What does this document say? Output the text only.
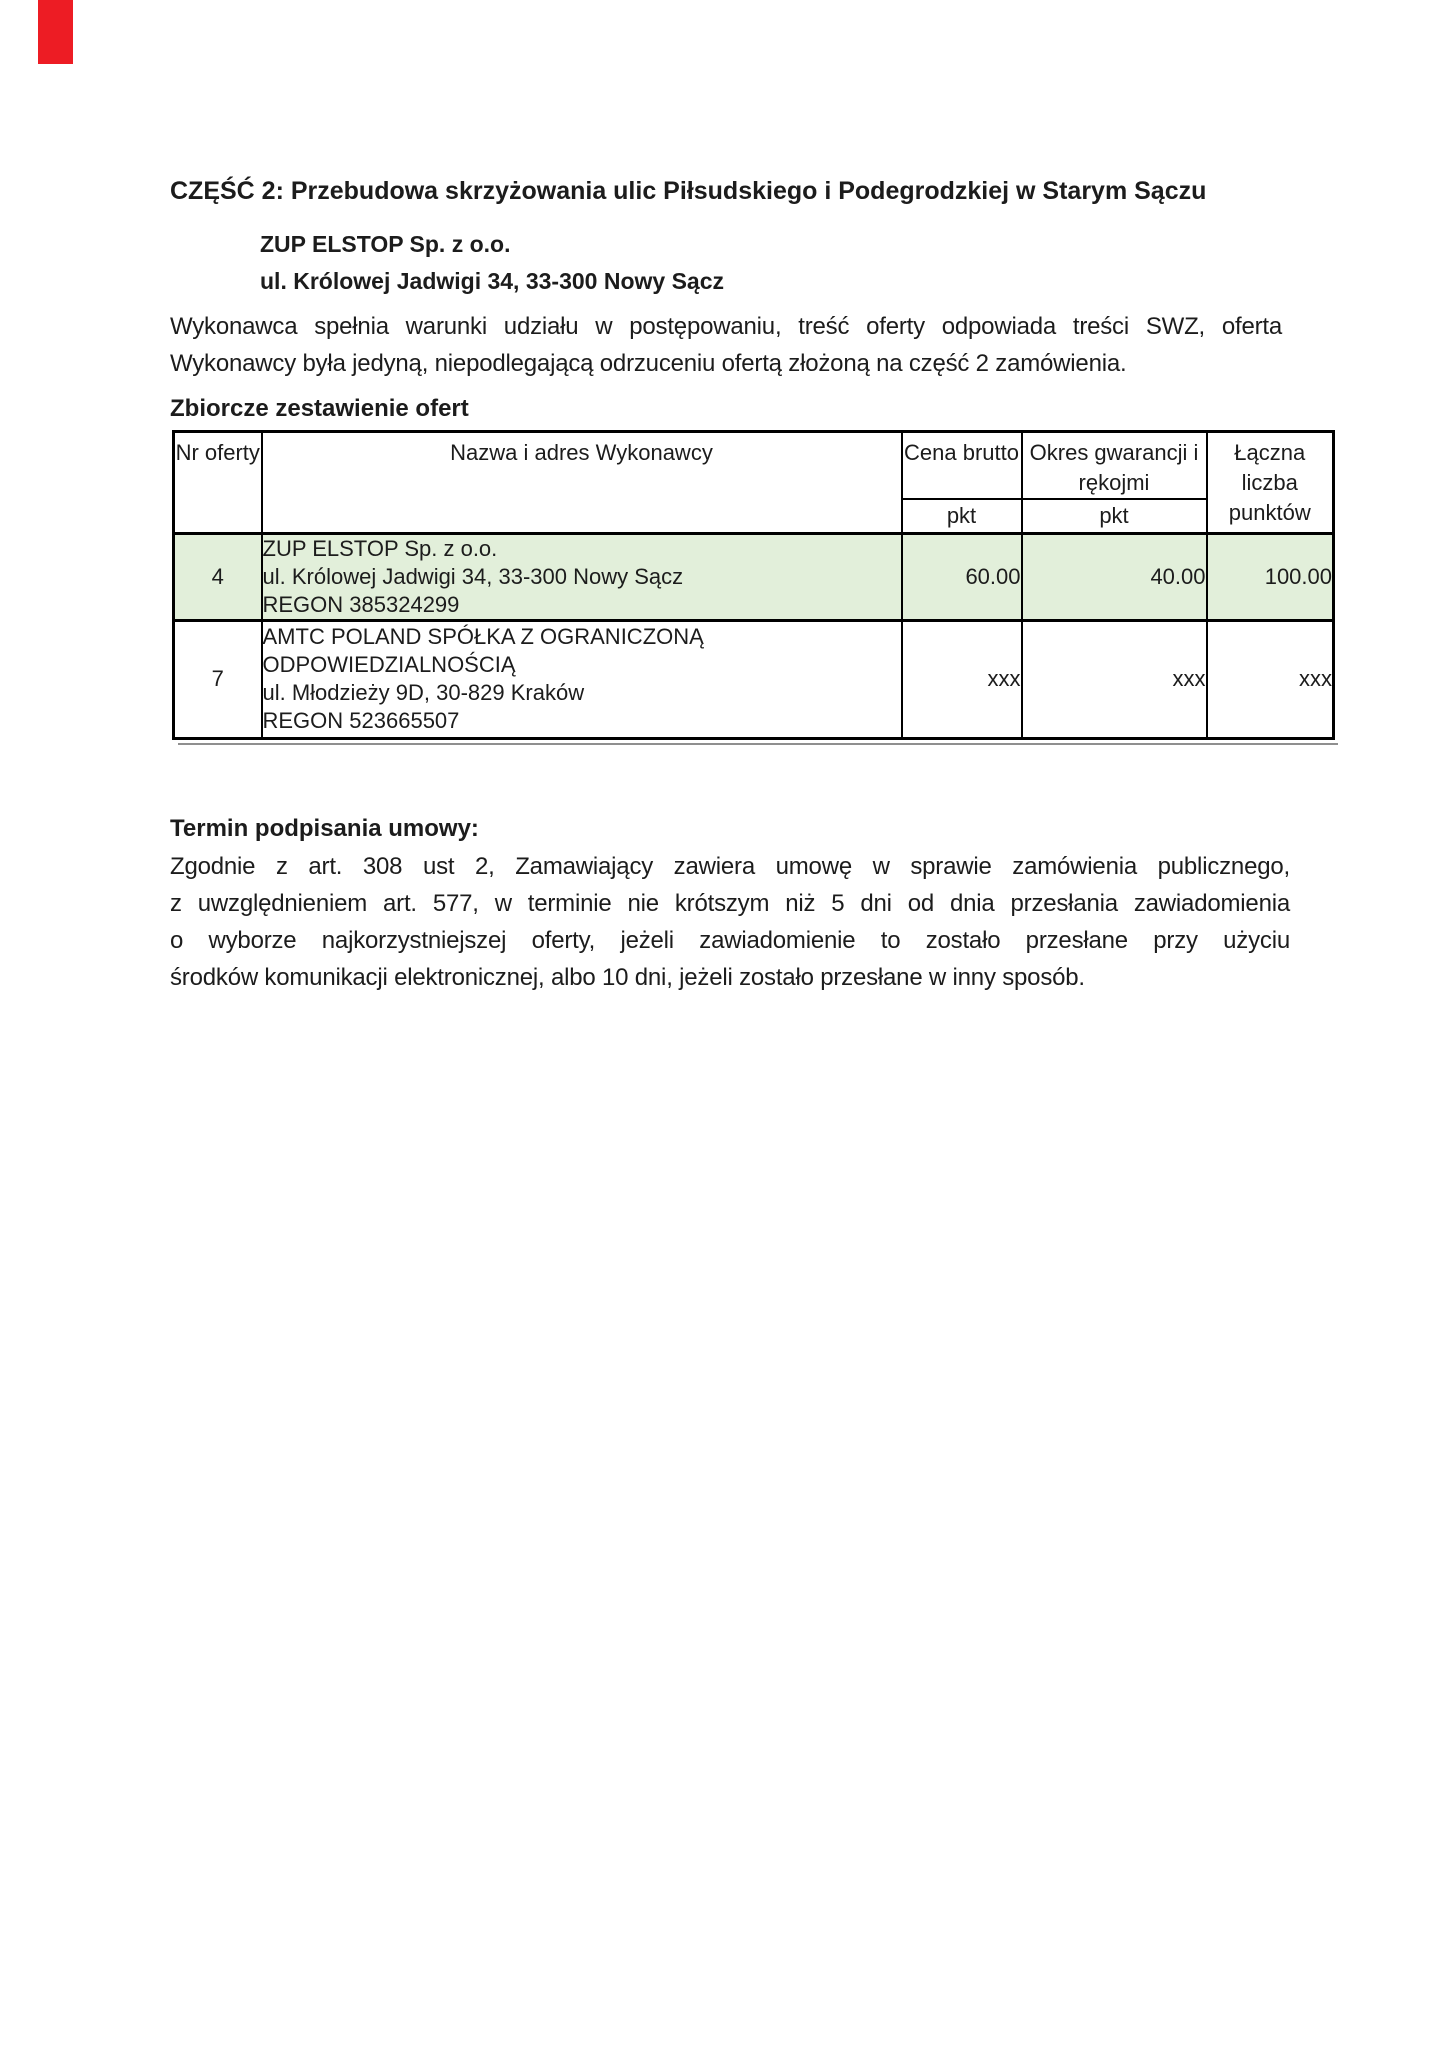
CZĘŚĆ 2: Przebudowa skrzyżowania ulic Piłsudskiego i Podegrodzkiej w Starym Sączu
ZUP ELSTOP Sp. z o.o.
ul. Królowej Jadwigi 34, 33-300 Nowy Sącz
Wykonawca spełnia warunki udziału w postępowaniu, treść oferty odpowiada treści SWZ, oferta
Wykonawcy była jedyną, niepodlegającą odrzuceniu ofertą złożoną na część 2 zamówienia.
Zbiorcze zestawienie ofert
Nr oferty	Nazwa i adres Wykonawcy	Cena brutto	Okres gwarancji i rękojmi	Łączna liczba punktów
		pkt	pkt	
4	ZUP ELSTOP Sp. z o.o.
ul. Królowej Jadwigi 34, 33-300 Nowy Sącz
REGON 385324299	60.00	40.00	100.00
7	AMTC POLAND SPÓŁKA Z OGRANICZONĄ
ODPOWIEDZIALNOŚCIĄ
ul. Młodzieży 9D, 30-829 Kraków
REGON 523665507	xxx	xxx	xxx
Termin podpisania umowy:
Zgodnie z art. 308 ust 2, Zamawiający zawiera umowę w sprawie zamówienia publicznego,
z uwzględnieniem art. 577, w terminie nie krótszym niż 5 dni od dnia przesłania zawiadomienia
o wyborze najkorzystniejszej oferty, jeżeli zawiadomienie to zostało przesłane przy użyciu
środków komunikacji elektronicznej, albo 10 dni, jeżeli zostało przesłane w inny sposób.
